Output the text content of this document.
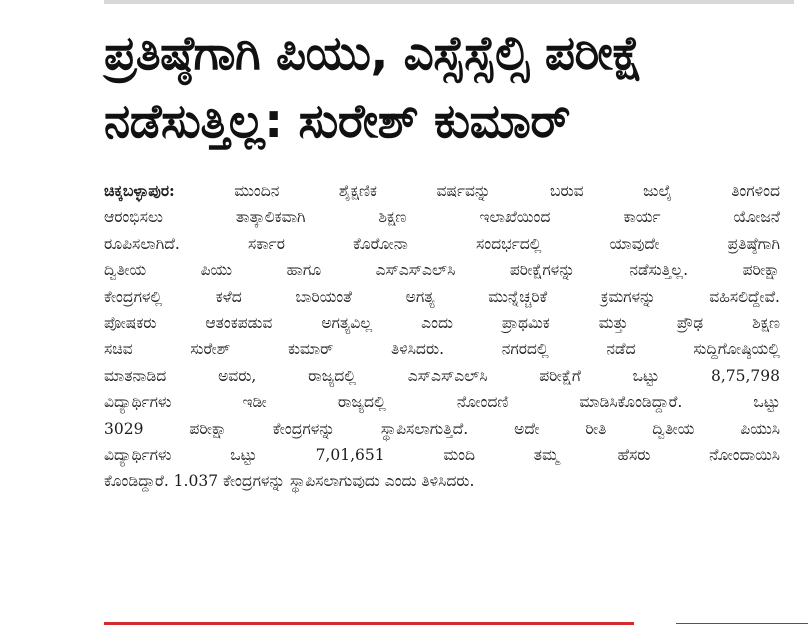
ಪ್ರತಿಷ್ಠೆಗಾಗಿ ಪಿಯು, ಎಸ್ಸೆಸ್ಸೆಲ್ಸಿ ಪರೀಕ್ಷೆ
ನಡೆಸುತ್ತಿಲ್ಲ: ಸುರೇಶ್ ಕುಮಾರ್
ಚಿಕ್ಕಬಳ್ಳಾಪುರ: ಮುಂದಿನ ಶೈಕ್ಷಣಿಕ ವರ್ಷವನ್ನು ಬರುವ ಜುಲೈ ತಿಂಗಳಿಂದ
ಆರಂಭಿಸಲು ತಾತ್ಕಾಲಿಕವಾಗಿ ಶಿಕ್ಷಣ ಇಲಾಖೆಯಿಂದ ಕಾರ್ಯ ಯೋಜನೆ
ರೂಪಿಸಲಾಗಿದೆ. ಸರ್ಕಾರ ಕೊರೋನಾ ಸಂದರ್ಭದಲ್ಲಿ ಯಾವುದೇ ಪ್ರತಿಷ್ಠೆಗಾಗಿ
ದ್ವಿತೀಯ ಪಿಯು ಹಾಗೂ ಎಸ್‌ಎಸ್‌ಎಲ್‌ಸಿ ಪರೀಕ್ಷೆಗಳನ್ನು ನಡೆಸುತ್ತಿಲ್ಲ. ಪರೀಕ್ಷಾ
ಕೇಂದ್ರಗಳಲ್ಲಿ ಕಳೆದ ಬಾರಿಯಂತೆ ಅಗತ್ಯ ಮುನ್ನೆಚ್ಚರಿಕೆ ಕ್ರಮಗಳನ್ನು ವಹಿಸಲಿದ್ದೇವೆ.
ಪೋಷಕರು ಆತಂಕಪಡುವ ಅಗತ್ಯವಿಲ್ಲ ಎಂದು ಪ್ರಾಥಮಿಕ ಮತ್ತು ಪ್ರೌಢ ಶಿಕ್ಷಣ
ಸಚಿವ ಸುರೇಶ್ ಕುಮಾರ್ ತಿಳಿಸಿದರು. ನಗರದಲ್ಲಿ ನಡೆದ ಸುದ್ದಿಗೋಷ್ಠಿಯಲ್ಲಿ
ಮಾತನಾಡಿದ ಅವರು, ರಾಜ್ಯದಲ್ಲಿ ಎಸ್‌ಎಸ್‌ಎಲ್‌ಸಿ ಪರೀಕ್ಷೆಗೆ ಒಟ್ಟು 8,75,798
ವಿದ್ಯಾರ್ಥಿಗಳು ಇಡೀ ರಾಜ್ಯದಲ್ಲಿ ನೋಂದಣಿ ಮಾಡಿಸಿಕೊಂಡಿದ್ದಾರೆ. ಒಟ್ಟು
3029 ಪರೀಕ್ಷಾ ಕೇಂದ್ರಗಳನ್ನು ಸ್ಥಾಪಿಸಲಾಗುತ್ತಿದೆ. ಅದೇ ರೀತಿ ದ್ವಿತೀಯ ಪಿಯುಸಿ
ವಿದ್ಯಾರ್ಥಿಗಳು ಒಟ್ಟು 7,01,651 ಮಂದಿ ತಮ್ಮ ಹೆಸರು ನೋಂದಾಯಿಸಿ
ಕೊಂಡಿದ್ದಾರೆ. 1.037 ಕೇಂದ್ರಗಳನ್ನು ಸ್ಥಾಪಿಸಲಾಗುವುದು ಎಂದು ತಿಳಿಸಿದರು.
